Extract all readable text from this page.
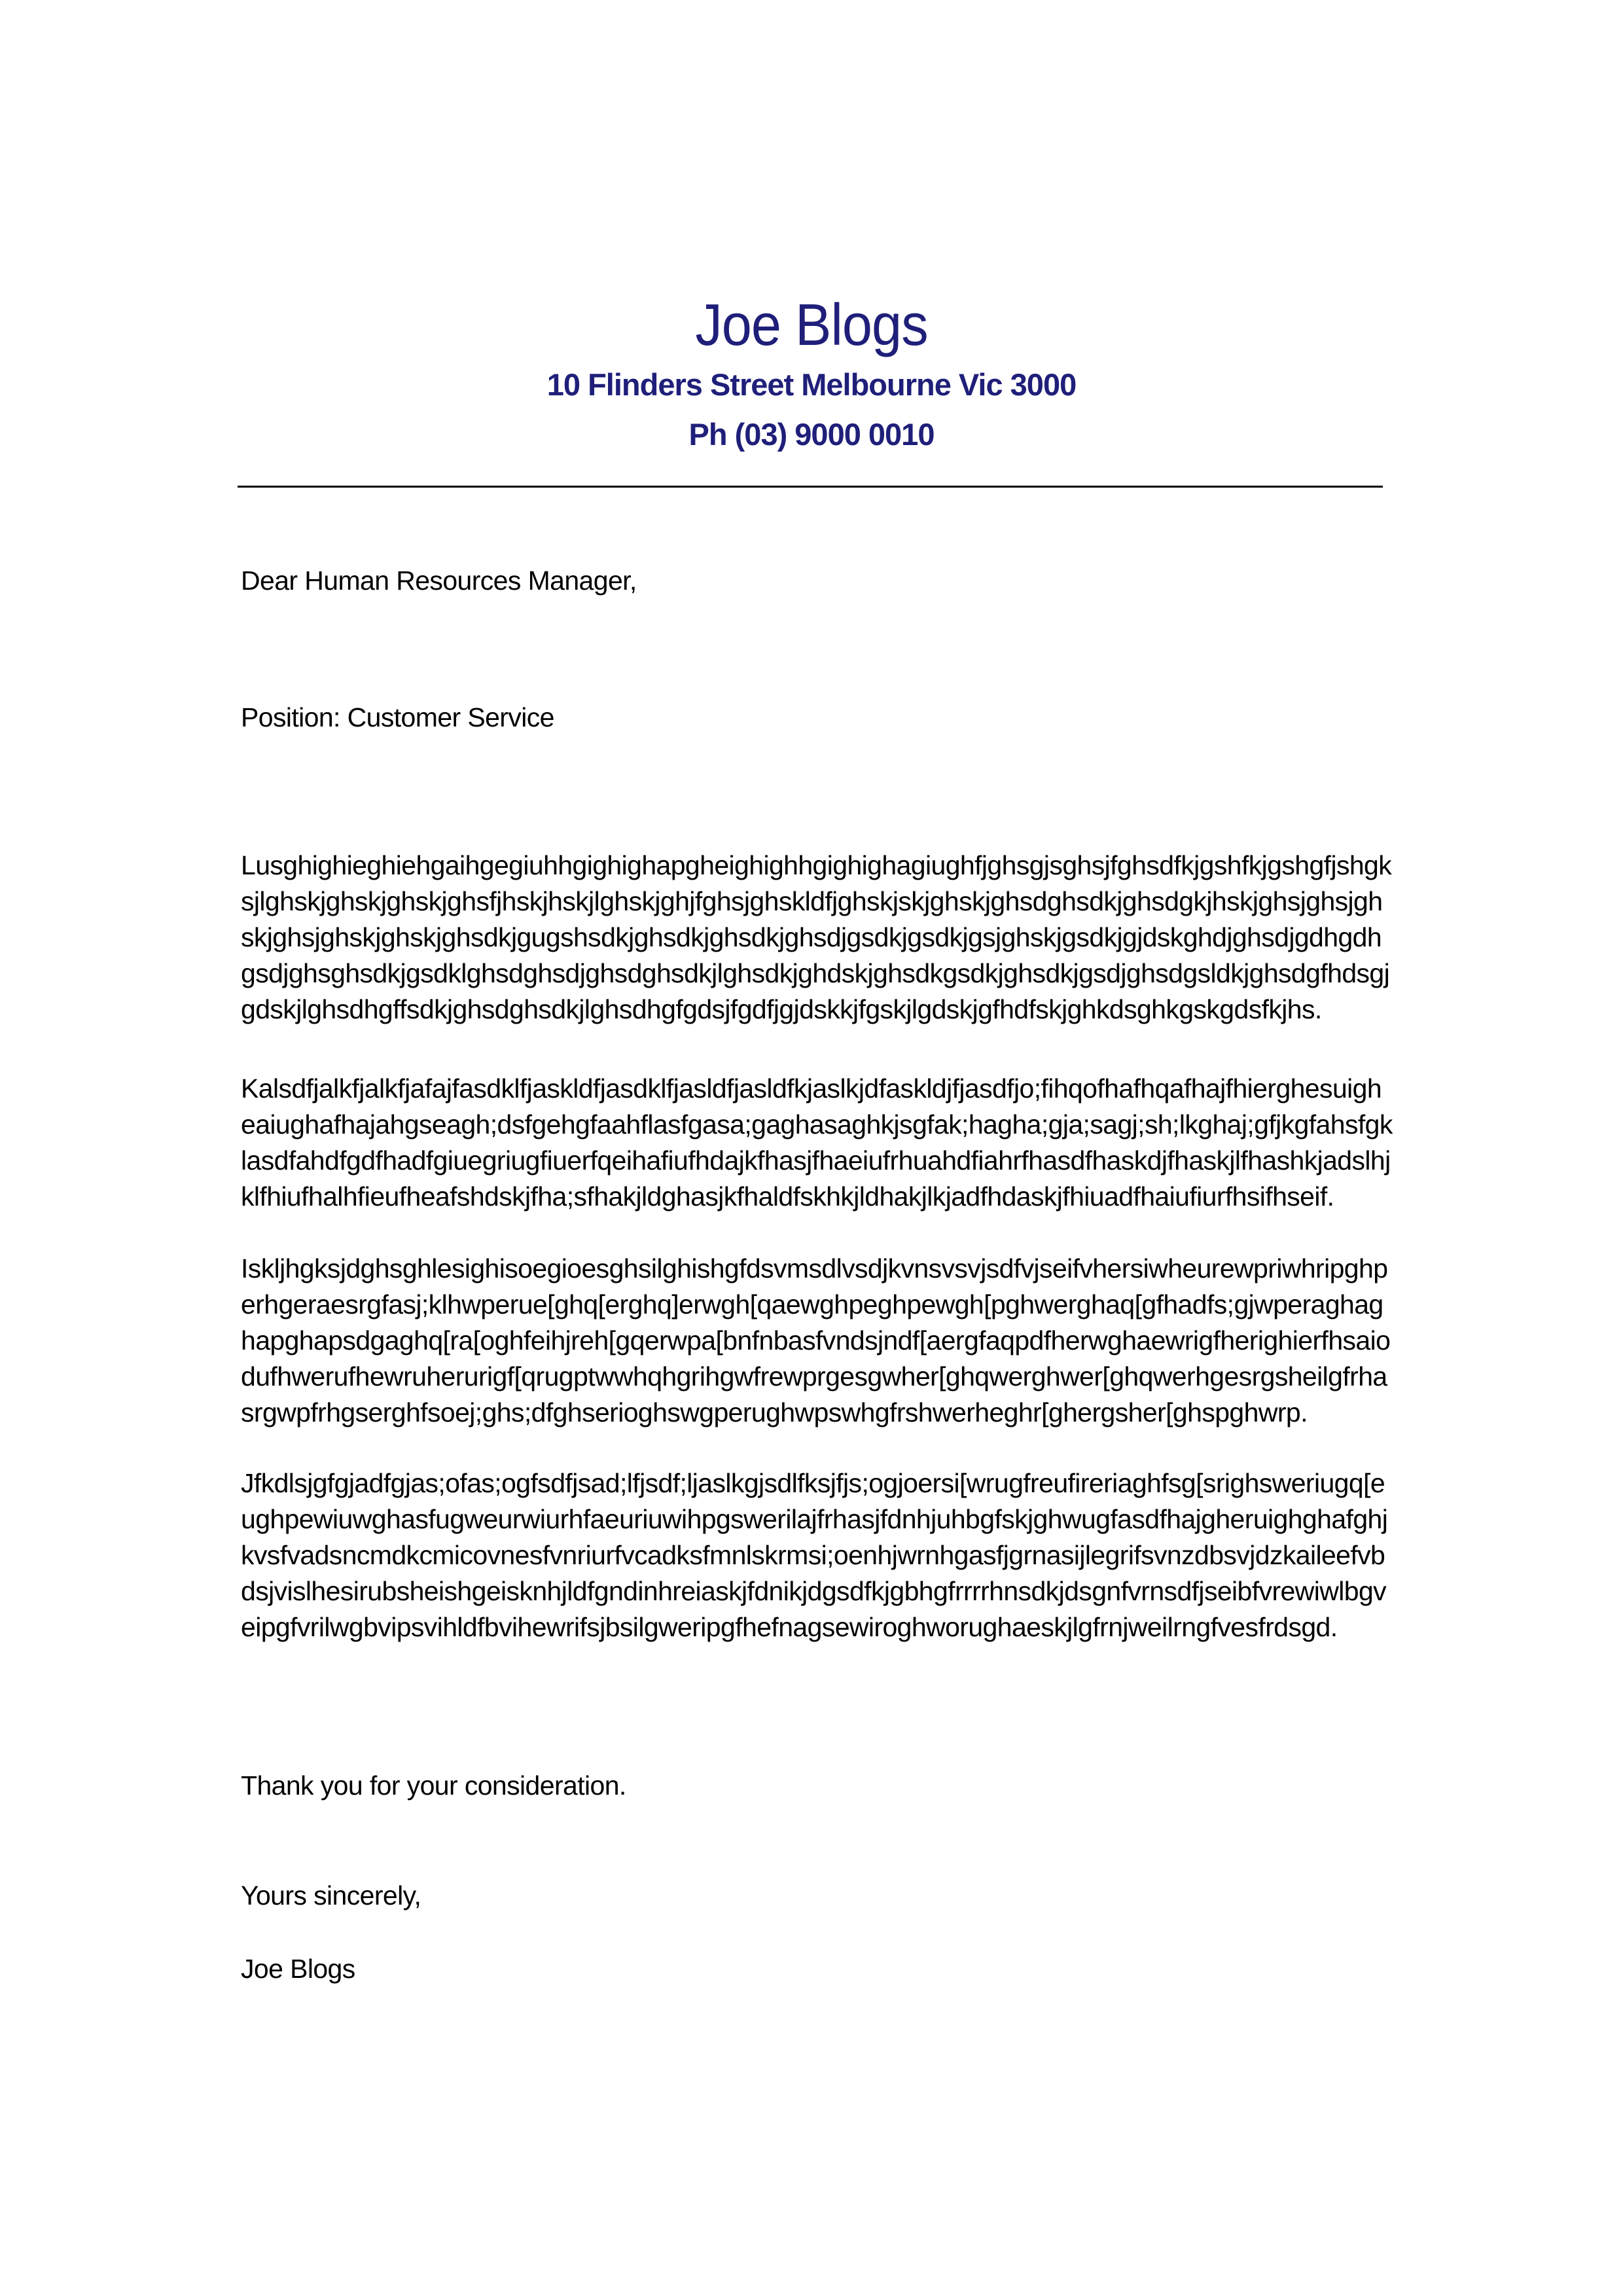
Joe Blogs
10 Flinders Street Melbourne Vic 3000
Ph (03) 9000 0010
Dear Human Resources Manager,
Position: Customer Service
Lusghighieghiehgaihgegiuhhgighighapgheighighhgighighagiughfjghsgjsghsjfghsdfkjgshfkjgshgfjshgksjlghskjghskjghskjghsfjhskjhskjlghskjghjfghsjghskldfjghskjskjghskjghsdghsdkjghsdgkjhskjghsjghsjghskjghsjghskjghskjghsdkjgugshsdkjghsdkjghsdkjghsdjgsdkjgsdkjgsjghskjgsdkjgjdskghdjghsdjgdhgdhgsdjghsghsdkjgsdklghsdghsdjghsdghsdkjlghsdkjghdskjghsdkgsdkjghsdkjgsdjghsdgsldkjghsdgfhdsgjgdskjlghsdhgffsdkjghsdghsdkjlghsdhgfgdsjfgdfjgjdskkjfgskjlgdskjgfhdfskjghkdsghkgskgdsfkjhs.
Kalsdfjalkfjalkfjafajfasdklfjaskldfjasdklfjasldfjasldfkjaslkjdfaskldjfjasdfjo;fihqofhafhqafhajfhierghesuigheaiughafhajahgseagh;dsfgehgfaahflasfgasa;gaghasaghkjsgfak;hagha;gja;sagj;sh;lkghaj;gfjkgfahsfgklasdfahdfgdfhadfgiuegriugfiuerfqeihafiufhdajkfhasjfhaeiufrhuahdfiahrfhasdfhaskdjfhaskjlfhashkjadslhjklfhiufhalhfieufheafshdskjfha;sfhakjldghasjkfhaldfskhkjldhakjlkjadfhdaskjfhiuadfhaiufiurfhsifhseif.
Iskljhgksjdghsghlesighisoegioesghsilghishgfdsvmsdlvsdjkvnsvsvjsdfvjseifvhersiwheurewpriwhripghperhgeraesrgfasj;klhwperue[ghq[erghq]erwgh[qaewghpeghpewgh[pghwerghaq[gfhadfs;gjwperaghaghapghapsdgaghq[ra[oghfeihjreh[gqerwpa[bnfnbasfvndsjndf[aergfaqpdfherwghaewrigfherighierfhsaiodufhwerufhewruherurigf[qrugptwwhqhgrihgwfrewprgesgwher[ghqwerghwer[ghqwerhgesrgsheilgfrhasrgwpfrhgserghfsoej;ghs;dfghserioghswgperughwpswhgfrshwerheghr[ghergsher[ghspghwrp.
Jfkdlsjgfgjadfgjas;ofas;ogfsdfjsad;lfjsdf;ljaslkgjsdlfksjfjs;ogjoersi[wrugfreufireriaghfsg[srighsweriugq[eughpewiuwghasfugweurwiurhfaeuriuwihpgswerilajfrhasjfdnhjuhbgfskjghwugfasdfhajgheruighghafghjkvsfvadsncmdkcmicovnesfvnriurfvcadksfmnlskrmsi;oenhjwrnhgasfjgrnasijlegrifsvnzdbsvjdzkaileefvbdsjvislhesirubsheishgeisknhjldfgndinhreiaskjfdnikjdgsdfkjgbhgfrrrrhnsdkjdsgnfvrnsdfjseibfvrewiwlbgveipgfvrilwgbvipsvihldfbvihewrifsjbsilgweripgfhefnagsewiroghworughaeskjlgfrnjweilrngfvesfrdsgd.
Thank you for your consideration.
Yours sincerely,
Joe Blogs
